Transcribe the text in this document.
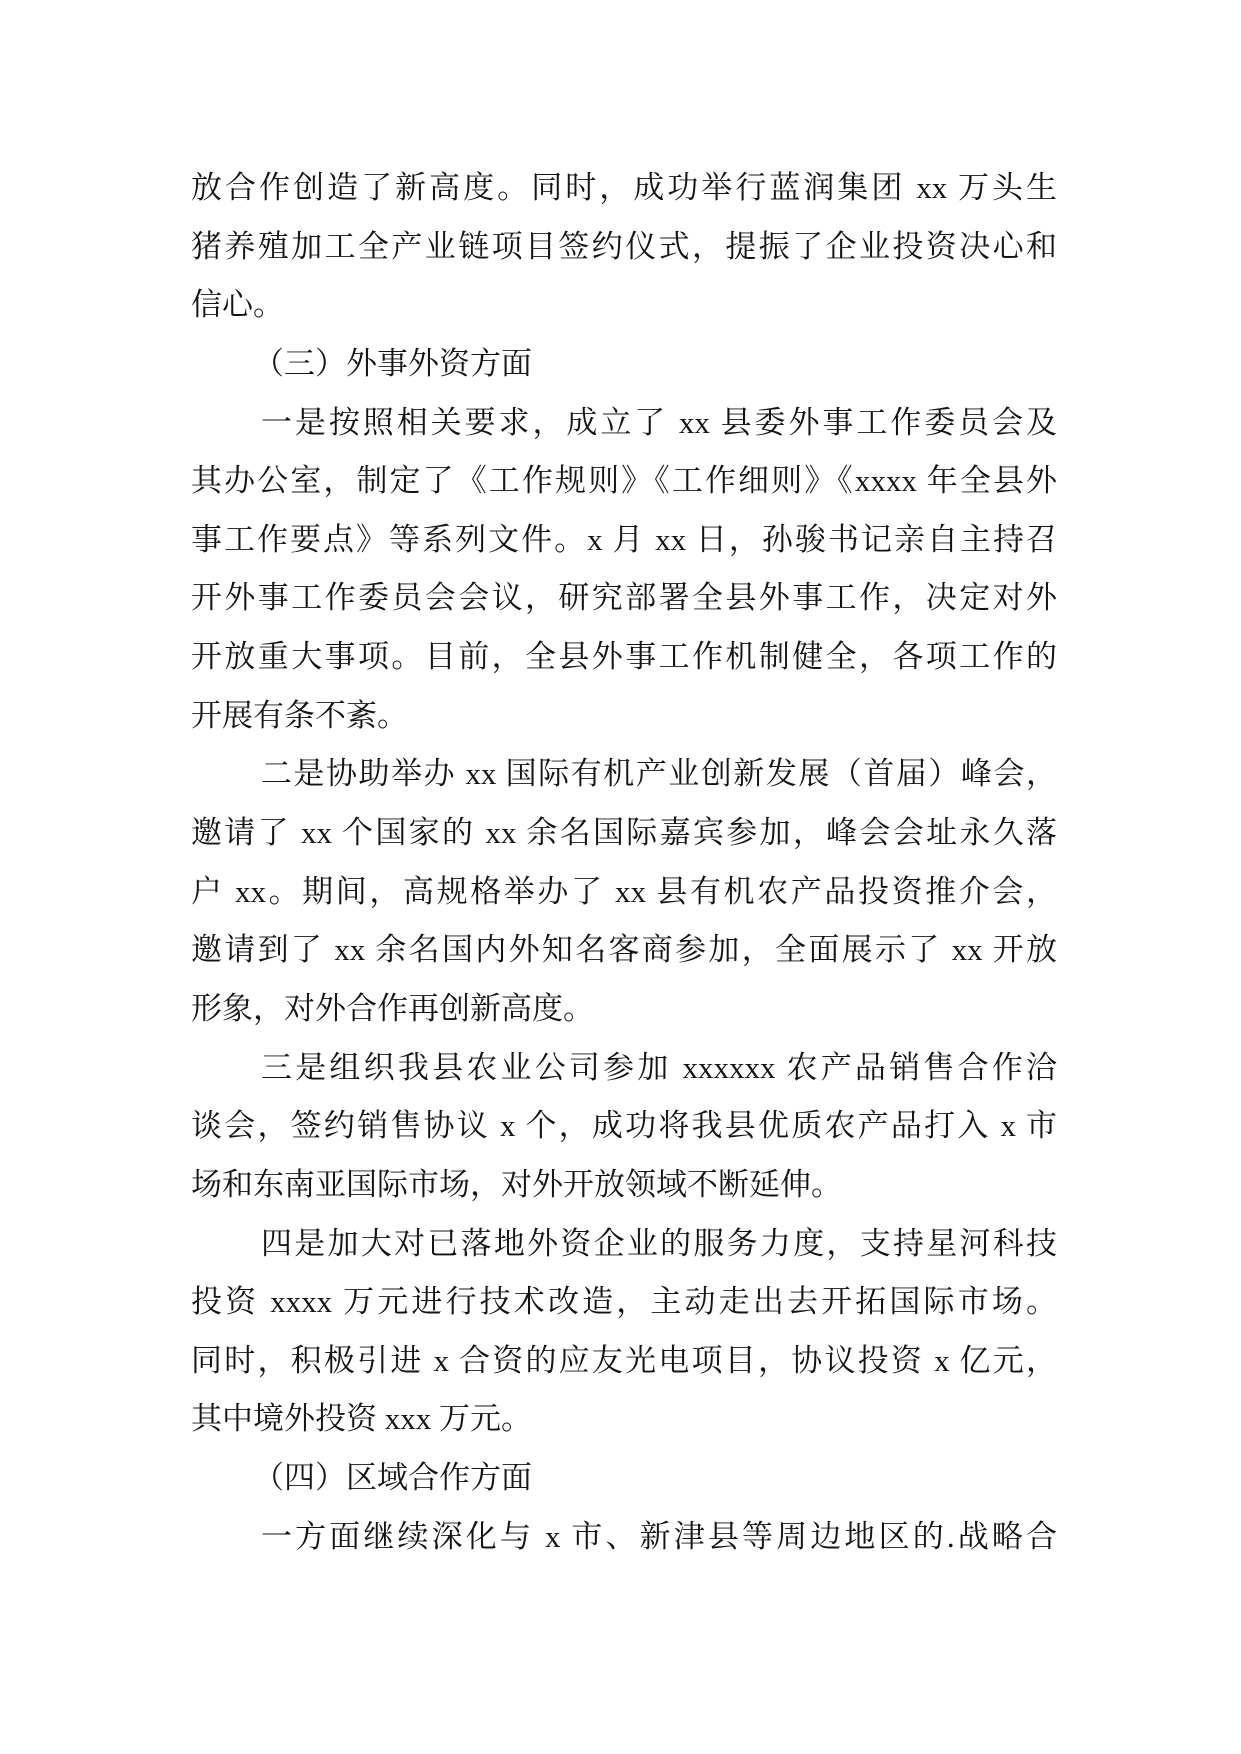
放合作创造了新高度。同时，成功举行蓝润集团 xx 万头生
猪养殖加工全产业链项目签约仪式，提振了企业投资决心和
信心。
（三）外事外资方面
一是按照相关要求，成立了 xx 县委外事工作委员会及
其办公室，制定了《工作规则》《工作细则》《xxxx 年全县外
事工作要点》等系列文件。x 月 xx 日，孙骏书记亲自主持召
开外事工作委员会会议，研究部署全县外事工作，决定对外
开放重大事项。目前，全县外事工作机制健全，各项工作的
开展有条不紊。
二是协助举办 xx 国际有机产业创新发展（首届）峰会，
邀请了 xx 个国家的 xx 余名国际嘉宾参加，峰会会址永久落
户 xx。期间，高规格举办了 xx 县有机农产品投资推介会，
邀请到了 xx 余名国内外知名客商参加，全面展示了 xx 开放
形象，对外合作再创新高度。
三是组织我县农业公司参加 xxxxxx 农产品销售合作洽
谈会，签约销售协议 x 个，成功将我县优质农产品打入 x 市
场和东南亚国际市场，对外开放领域不断延伸。
四是加大对已落地外资企业的服务力度，支持星河科技
投资 xxxx 万元进行技术改造，主动走出去开拓国际市场。
同时，积极引进 x 合资的应友光电项目，协议投资 x 亿元，
其中境外投资 xxx 万元。
（四）区域合作方面
一方面继续深化与 x 市、新津县等周边地区的.战略合
